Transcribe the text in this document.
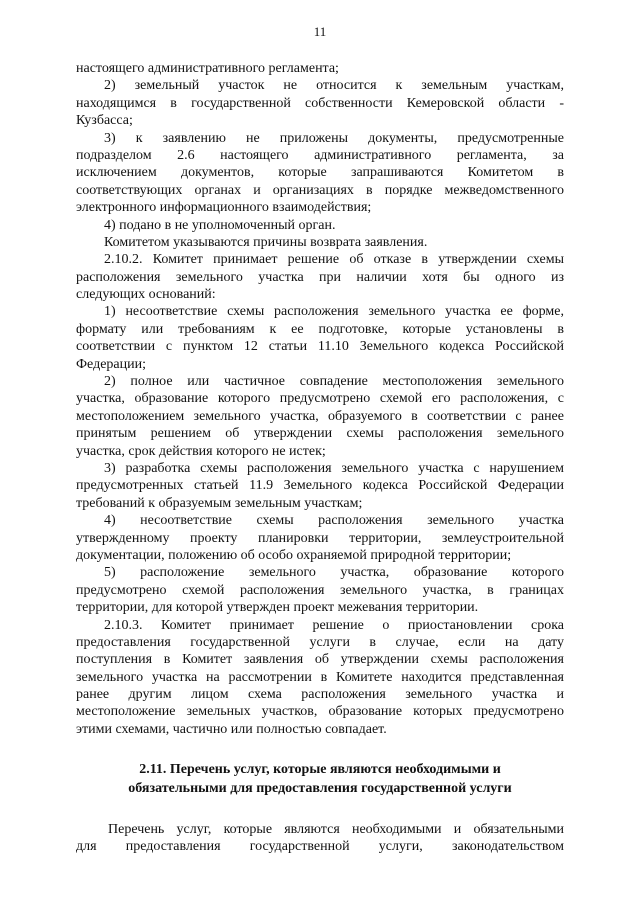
11
настоящего административного регламента;
2) земельный участок не относится к земельным участкам,
находящимся в государственной собственности Кемеровской области -
Кузбасса;
3) к заявлению не приложены документы, предусмотренные
подразделом 2.6 настоящего административного регламента, за
исключением документов, которые запрашиваются Комитетом в
соответствующих органах и организациях в порядке межведомственного
электронного информационного взаимодействия;
4) подано в не уполномоченный орган.
Комитетом указываются причины возврата заявления.
2.10.2. Комитет принимает решение об отказе в утверждении схемы
расположения земельного участка при наличии хотя бы одного из
следующих оснований:
1) несоответствие схемы расположения земельного участка ее форме,
формату или требованиям к ее подготовке, которые установлены в
соответствии с пунктом 12 статьи 11.10 Земельного кодекса Российской
Федерации;
2) полное или частичное совпадение местоположения земельного
участка, образование которого предусмотрено схемой его расположения, с
местоположением земельного участка, образуемого в соответствии с ранее
принятым решением об утверждении схемы расположения земельного
участка, срок действия которого не истек;
3) разработка схемы расположения земельного участка с нарушением
предусмотренных статьей 11.9 Земельного кодекса Российской Федерации
требований к образуемым земельным участкам;
4) несоответствие схемы расположения земельного участка
утвержденному проекту планировки территории, землеустроительной
документации, положению об особо охраняемой природной территории;
5) расположение земельного участка, образование которого
предусмотрено схемой расположения земельного участка, в границах
территории, для которой утвержден проект межевания территории.
2.10.3. Комитет принимает решение о приостановлении срока
предоставления государственной услуги в случае, если на дату
поступления в Комитет заявления об утверждении схемы расположения
земельного участка на рассмотрении в Комитете находится представленная
ранее другим лицом схема расположения земельного участка и
местоположение земельных участков, образование которых предусмотрено
этими схемами, частично или полностью совпадает.
2.11. Перечень услуг, которые являются необходимыми и
обязательными для предоставления государственной услуги
Перечень услуг, которые являются необходимыми и обязательными
для предоставления государственной услуги, законодательством
